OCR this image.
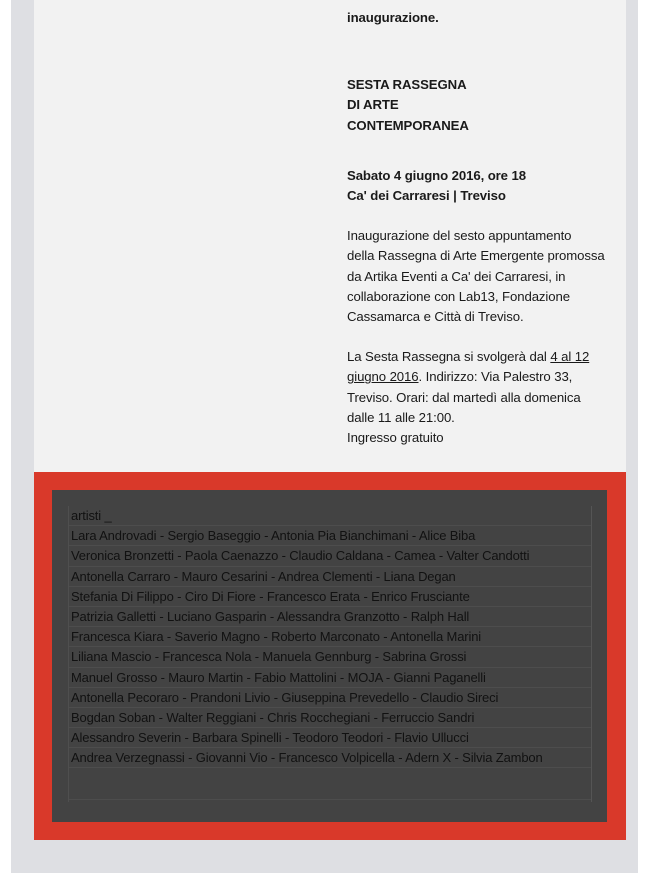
inaugurazione.

SESTA RASSEGNA

DI ARTE

CONTEMPORANEA

Sabato 4 giugno 2016, ore 18

Ca' dei Carraresi | Treviso

Inaugurazione del sesto appuntamento

della Rassegna di Arte Emergente promossa

da Artika Eventi a Ca' dei Carraresi, in

collaborazione con Lab13, Fondazione

Cassamarca e Città di Treviso.

La Sesta Rassegna si svolgerà dal 4 al 12

giugno 2016. Indirizzo: Via Palestro 33,

Treviso. Orari: dal martedì alla domenica

dalle 11 alle 21:00.

Ingresso gratuito

artisti _
Lara Androvadi - Sergio Baseggio - Antonia Pia Bianchimani - Alice Biba
Veronica Bronzetti - Paola Caenazzo - Claudio Caldana - Camea - Valter Candotti
Antonella Carraro - Mauro Cesarini - Andrea Clementi - Liana Degan
Stefania Di Filippo - Ciro Di Fiore - Francesco Erata - Enrico Frusciante
Patrizia Galletti - Luciano Gasparin - Alessandra Granzotto - Ralph Hall
Francesca Kiara - Saverio Magno - Roberto Marconato - Antonella Marini
Liliana Mascio - Francesca Nola - Manuela Gennburg - Sabrina Grossi
Manuel Grosso - Mauro Martin - Fabio Mattolini - MOJA - Gianni Paganelli
Antonella Pecoraro - Prandoni Livio - Giuseppina Prevedello - Claudio Sireci
Bogdan Soban - Walter Reggiani - Chris Rocchegiani - Ferruccio Sandri
Alessandro Severin - Barbara Spinelli - Teodoro Teodori - Flavio Ullucci
Andrea Verzegnassi - Giovanni Vio - Francesco Volpicella - Adern X - Silvia Zambon
